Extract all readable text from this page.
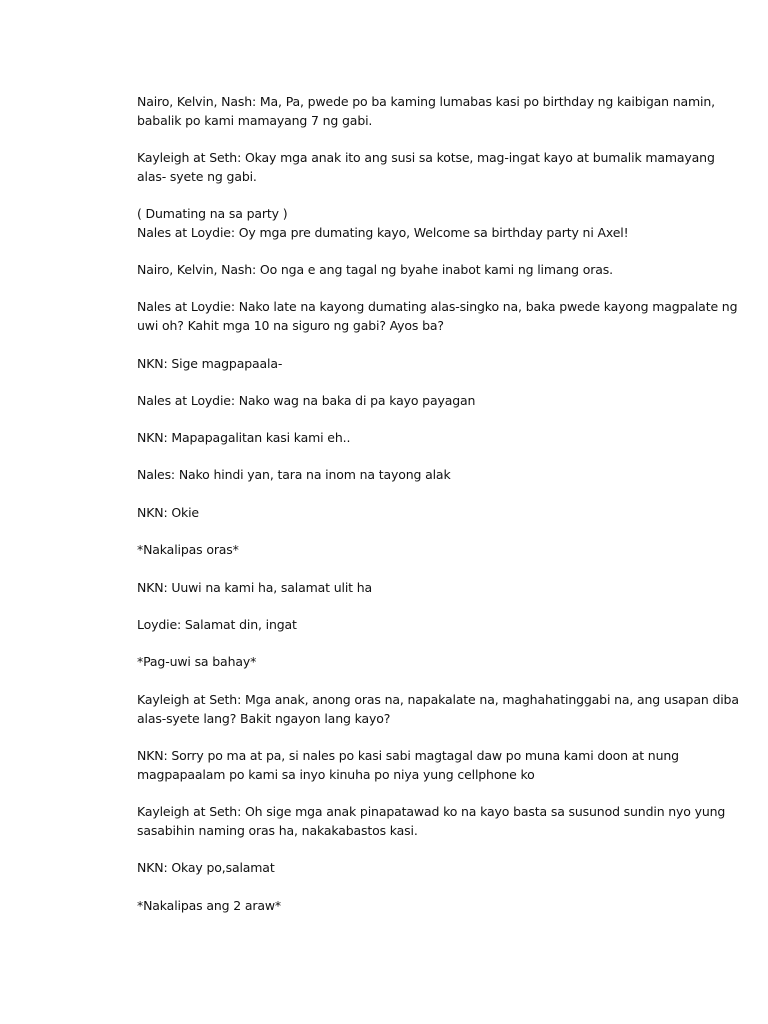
Nairo, Kelvin, Nash: Ma, Pa, pwede po ba kaming lumabas kasi po birthday ng kaibigan namin,
babalik po kami mamayang 7 ng gabi.
Kayleigh at Seth: Okay mga anak ito ang susi sa kotse, mag-ingat kayo at bumalik mamayang
alas- syete ng gabi.
( Dumating na sa party )
Nales at Loydie: Oy mga pre dumating kayo, Welcome sa birthday party ni Axel!
Nairo, Kelvin, Nash: Oo nga e ang tagal ng byahe inabot kami ng limang oras.
Nales at Loydie: Nako late na kayong dumating alas-singko na, baka pwede kayong magpalate ng
uwi oh? Kahit mga 10 na siguro ng gabi? Ayos ba?
NKN: Sige magpapaala-
Nales at Loydie: Nako wag na baka di pa kayo payagan
NKN: Mapapagalitan kasi kami eh..
Nales: Nako hindi yan, tara na inom na tayong alak
NKN: Okie
*Nakalipas oras*
NKN: Uuwi na kami ha, salamat ulit ha
Loydie: Salamat din, ingat
*Pag-uwi sa bahay*
Kayleigh at Seth: Mga anak, anong oras na, napakalate na, maghahatinggabi na, ang usapan diba
alas-syete lang? Bakit ngayon lang kayo?
NKN: Sorry po ma at pa, si nales po kasi sabi magtagal daw po muna kami doon at nung
magpapaalam po kami sa inyo kinuha po niya yung cellphone ko
Kayleigh at Seth: Oh sige mga anak pinapatawad ko na kayo basta sa susunod sundin nyo yung
sasabihin naming oras ha, nakakabastos kasi.
NKN: Okay po,salamat
*Nakalipas ang 2 araw*
